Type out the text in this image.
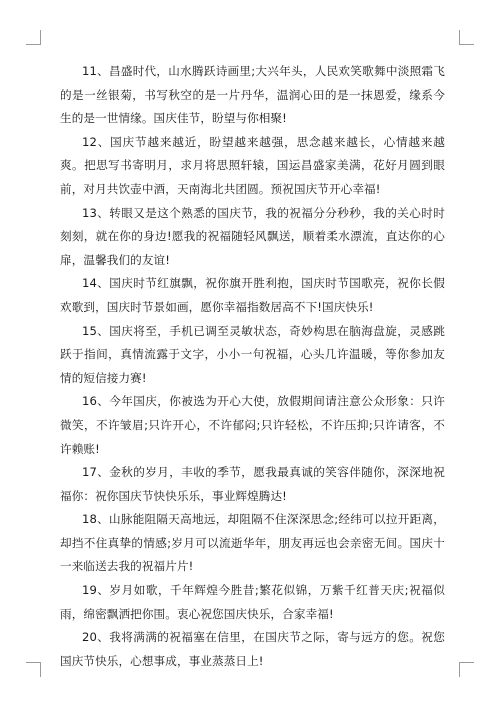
11、昌盛时代，山水腾跃诗画里;大兴年头，人民欢笑歌舞中淡照霜飞的是一丝银菊，书写秋空的是一片丹华，温润心田的是一抹恩爱，缘系今生的是一世情缘。国庆佳节，盼望与你相聚!

12、国庆节越来越近，盼望越来越强，思念越来越长，心情越来越爽。把思写书寄明月，求月将思照轩辕，国运昌盛家美满，花好月圆到眼前，对月共饮壶中酒，天南海北共团圆。预祝国庆节开心幸福!

13、转眼又是这个熟悉的国庆节，我的祝福分分秒秒，我的关心时时刻刻，就在你的身边!愿我的祝福随轻风飘送，顺着柔水漂流，直达你的心扉，温馨我们的友谊!

14、国庆时节红旗飘，祝你旗开胜利抱，国庆时节国歌亮，祝你长假欢歌到，国庆时节景如画，愿你幸福指数居高不下!国庆快乐!

15、国庆将至，手机已调至灵敏状态，奇妙构思在脑海盘旋，灵感跳跃于指间，真情流露于文字，小小一句祝福，心头几许温暖，等你参加友情的短信接力赛!

16、今年国庆，你被选为开心大使，放假期间请注意公众形象：只许微笑，不许皱眉;只许开心，不许郁闷;只许轻松，不许压抑;只许请客，不许赖账!

17、金秋的岁月，丰收的季节，愿我最真诚的笑容伴随你，深深地祝福你：祝你国庆节快快乐乐，事业辉煌腾达!

18、山脉能阻隔天高地远，却阻隔不住深深思念;经纬可以拉开距离，却挡不住真挚的情感;岁月可以流逝华年，朋友再远也会亲密无间。国庆十一来临送去我的祝福片片!

19、岁月如歌，千年辉煌今胜昔;繁花似锦，万紫千红普天庆;祝福似雨，绵密飘洒把你围。衷心祝您国庆快乐，合家幸福!

20、我将满满的祝福塞在信里，在国庆节之际，寄与远方的您。祝您国庆节快乐，心想事成，事业蒸蒸日上!
